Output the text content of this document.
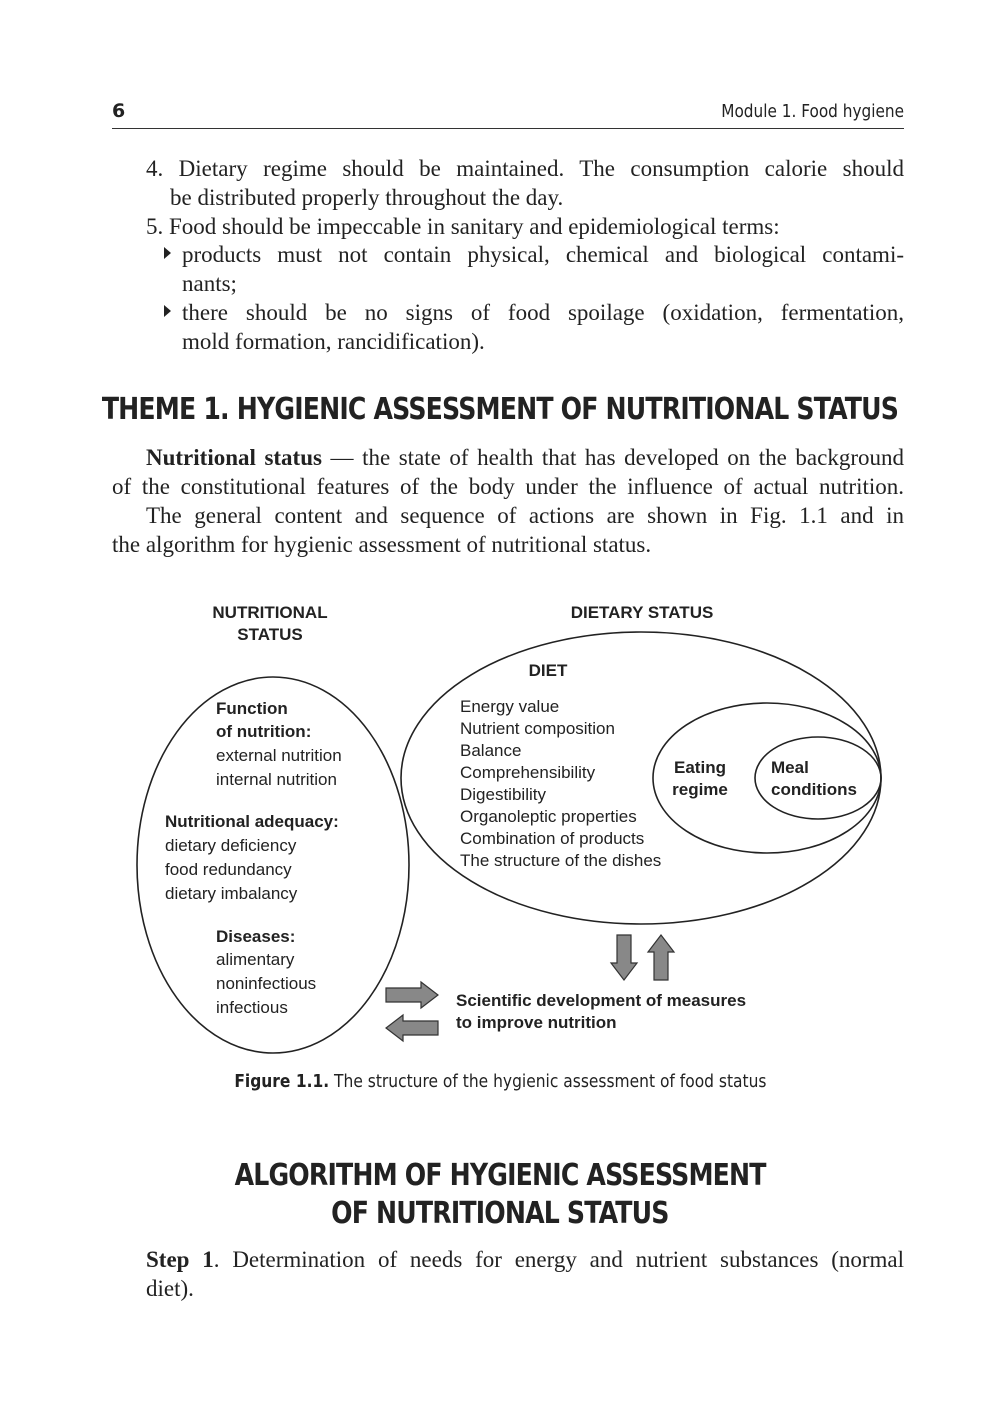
6	Module 1. Food hygiene
4. Dietary regime should be maintained. The consumption calorie should
be distributed properly throughout the day.
5. Food should be impeccable in sanitary and epidemiological terms:
products must not contain physical, chemical and biological contami-
nants;
there should be no signs of food spoilage (oxidation, fermentation,
mold formation, rancidification).
THEME 1. HYGIENIC ASSESSMENT OF NUTRITIONAL STATUS
Nutritional status — the state of health that has developed on the background
of the constitutional features of the body under the influence of actual nutrition.
The general content and sequence of actions are shown in Fig. 1.1 and in
the algorithm for hygienic assessment of nutritional status.
NUTRITIONAL
STATUS
DIETARY STATUS
DIET
Function
of nutrition:
external nutrition
internal nutrition
Nutritional adequacy:
dietary deficiency
food redundancy
dietary imbalancy
Diseases:
alimentary
noninfectious
infectious
Energy value
Nutrient composition
Balance
Comprehensibility
Digestibility
Organoleptic properties
Combination of products
The structure of the dishes
Eating
regime
Meal
conditions
Scientific development of measures
to improve nutrition
Figure 1.1. The structure of the hygienic assessment of food status
ALGORITHM OF HYGIENIC ASSESSMENT
OF NUTRITIONAL STATUS
Step 1. Determination of needs for energy and nutrient substances (normal
diet).
